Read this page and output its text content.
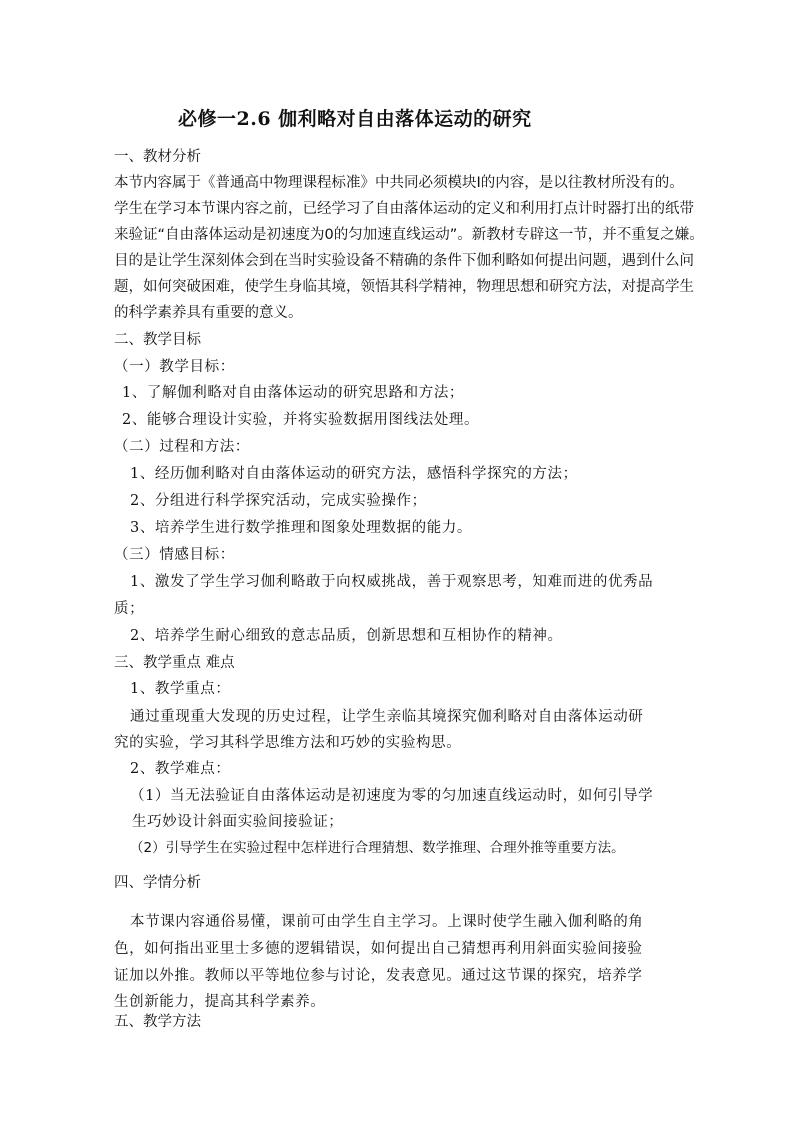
必修一2.6 伽利略对自由落体运动的研究
一、教材分析
本节内容属于《普通高中物理课程标准》中共同必须模块Ⅰ的内容，是以往教材所没有的。
学生在学习本节课内容之前，已经学习了自由落体运动的定义和利用打点计时器打出的纸带
来验证“自由落体运动是初速度为0的匀加速直线运动”。新教材专辟这一节，并不重复之嫌。
目的是让学生深刻体会到在当时实验设备不精确的条件下伽利略如何提出问题，遇到什么问
题，如何突破困难，使学生身临其境，领悟其科学精神，物理思想和研究方法，对提高学生
的科学素养具有重要的意义。
二、教学目标
（一）教学目标：
1、了解伽利略对自由落体运动的研究思路和方法；
2、能够合理设计实验，并将实验数据用图线法处理。
（二）过程和方法：
1、经历伽利略对自由落体运动的研究方法，感悟科学探究的方法；
2、分组进行科学探究活动，完成实验操作；
3、培养学生进行数学推理和图象处理数据的能力。
（三）情感目标：
1、激发了学生学习伽利略敢于向权威挑战，善于观察思考，知难而进的优秀品
质；
2、培养学生耐心细致的意志品质，创新思想和互相协作的精神。
三、教学重点 难点
1、教学重点：
通过重现重大发现的历史过程，让学生亲临其境探究伽利略对自由落体运动研
究的实验，学习其科学思维方法和巧妙的实验构思。
2、教学难点：
（1）当无法验证自由落体运动是初速度为零的匀加速直线运动时，如何引导学
生巧妙设计斜面实验间接验证；
（2）引导学生在实验过程中怎样进行合理猜想、数学推理、合理外推等重要方法。
四、学情分析
本节课内容通俗易懂，课前可由学生自主学习。上课时使学生融入伽利略的角
色，如何指出亚里士多德的逻辑错误，如何提出自己猜想再利用斜面实验间接验
证加以外推。教师以平等地位参与讨论，发表意见。通过这节课的探究，培养学
生创新能力，提高其科学素养。
五、教学方法
